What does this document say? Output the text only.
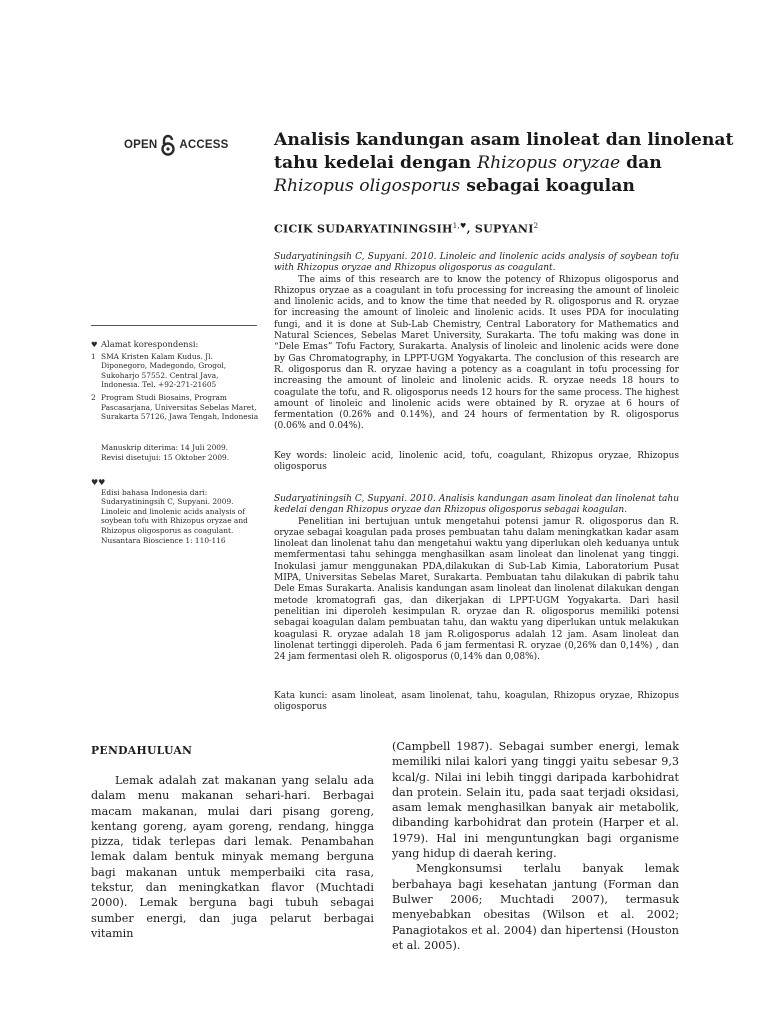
OPEN ACCESS	Analisis kandungan asam linoleat dan linolenat
tahu kedelai dengan Rhizopus oryzae dan
Rhizopus oligosporus sebagai koagulan
CICIK $SUDARYATININGSIH^{1,♥}$, SUPYANI$^2$
Sudaryatiningsih C, Supyani. 2010. Linoleic and linolenic acids analysis of soybean tofu with Rhizopus oryzae and Rhizopus oligosporus as coagulant.
The aims of this research are to know the potency of Rhizopus oligosporus and Rhizopus oryzae as a coagulant in tofu processing for increasing the amount of linoleic and linolenic acids, and to know the time that needed by R. oligosporus and R. oryzae for increasing the amount of linoleic and linolenic acids. It uses PDA for inoculating fungi, and it is done at Sub-Lab Chemistry, Central Laboratory for Mathematics and Natural Sciences, Sebelas Maret University, Surakarta. The tofu making was done in “Dele Emas” Tofu Factory, Surakarta. Analysis of linoleic and linolenic acids were done by Gas Chromatography, in LPPT-UGM Yogyakarta. The conclusion of this research are R. oligosporus dan R. oryzae having a potency as a coagulant in tofu processing for increasing the amount of linoleic and linolenic acids. R. oryzae needs 18 hours to coagulate the tofu, and R. oligosporus needs 12 hours for the same process. The highest amount of linoleic and linolenic acids were obtained by R. oryzae at 6 hours of fermentation (0.26% and 0.14%), and 24 hours of fermentation by R. oligosporus (0.06% and 0.04%).
Key words: linoleic acid, linolenic acid, tofu, coagulant, Rhizopus oryzae, Rhizopus oligosporus
Sudaryatiningsih C, Supyani. 2010. Analisis kandungan asam linoleat dan linolenat tahu kedelai dengan Rhizopus oryzae dan Rhizopus oligosporus sebagai koagulan.
Penelitian ini bertujuan untuk mengetahui potensi jamur R. oligosporus dan R. oryzae sebagai koagulan pada proses pembuatan tahu dalam meningkatkan kadar asam linoleat dan linolenat tahu dan mengetahui waktu yang diperlukan oleh keduanya untuk memfermentasi tahu sehingga menghasilkan asam linoleat dan linolenat yang tinggi. Inokulasi jamur menggunakan PDA,dilakukan di Sub-Lab Kimia, Laboratorium Pusat MIPA, Universitas Sebelas Maret, Surakarta. Pembuatan tahu dilakukan di pabrik tahu Dele Emas Surakarta. Analisis kandungan asam linoleat dan linolenat dilakukan dengan metode kromatografi gas, dan dikerjakan di LPPT-UGM Yogyakarta. Dari hasil penelitian ini diperoleh kesimpulan R. oryzae dan R. oligosporus memiliki potensi sebagai koagulan dalam pembuatan tahu, dan waktu yang diperlukan untuk melakukan koagulasi R. oryzae adalah 18 jam R.oligosporus adalah 12 jam. Asam linoleat dan linolenat tertinggi diperoleh. Pada 6 jam fermentasi R. oryzae (0,26% dan 0,14%) , dan 24 jam fermentasi oleh R. oligosporus (0,14% dan 0,08%).
Kata kunci: asam linoleat, asam linolenat, tahu, koagulan, Rhizopus oryzae, Rhizopus oligosporus
♥ Alamat korespondensi:
1 SMA Kristen Kalam Kudus. Jl. Diponegoro, Madegondo, Grogol, Sukoharjo 57552. Central Java, Indonesia. Tel. +92-271-21605
2 Program Studi Biosains, Program Pascasarjana, Universitas Sebelas Maret, Surakarta 57126, Jawa Tengah, Indonesia
Manuskrip diterima: 14 Juli 2009.
Revisi disetujui: 15 Oktober 2009.
♥♥
Edisi bahasa Indonesia dari: Sudaryatiningsih C, Supyani. 2009. Linoleic and linolenic acids analysis of soybean tofu with Rhizopus oryzae and Rhizopus oligosporus as coagulant. Nusantara Bioscience 1: 110-116
PENDAHULUAN
Lemak adalah zat makanan yang selalu ada dalam menu makanan sehari-hari. Berbagai macam makanan, mulai dari pisang goreng, kentang goreng, ayam goreng, rendang, hingga pizza, tidak terlepas dari lemak. Penambahan lemak dalam bentuk minyak memang berguna bagi makanan untuk memperbaiki cita rasa, tekstur, dan meningkatkan flavor (Muchtadi 2000). Lemak berguna bagi tubuh sebagai sumber energi, dan juga pelarut berbagai vitamin
(Campbell 1987). Sebagai sumber energi, lemak memiliki nilai kalori yang tinggi yaitu sebesar 9,3 kcal/g. Nilai ini lebih tinggi daripada karbohidrat dan protein. Selain itu, pada saat terjadi oksidasi, asam lemak menghasilkan banyak air metabolik, dibanding karbohidrat dan protein (Harper et al. 1979). Hal ini menguntungkan bagi organisme yang hidup di daerah kering.
Mengkonsumsi terlalu banyak lemak berbahaya bagi kesehatan jantung (Forman dan Bulwer 2006; Muchtadi 2007), termasuk menyebabkan obesitas (Wilson et al. 2002; Panagiotakos et al. 2004) dan hipertensi (Houston et al. 2005).
